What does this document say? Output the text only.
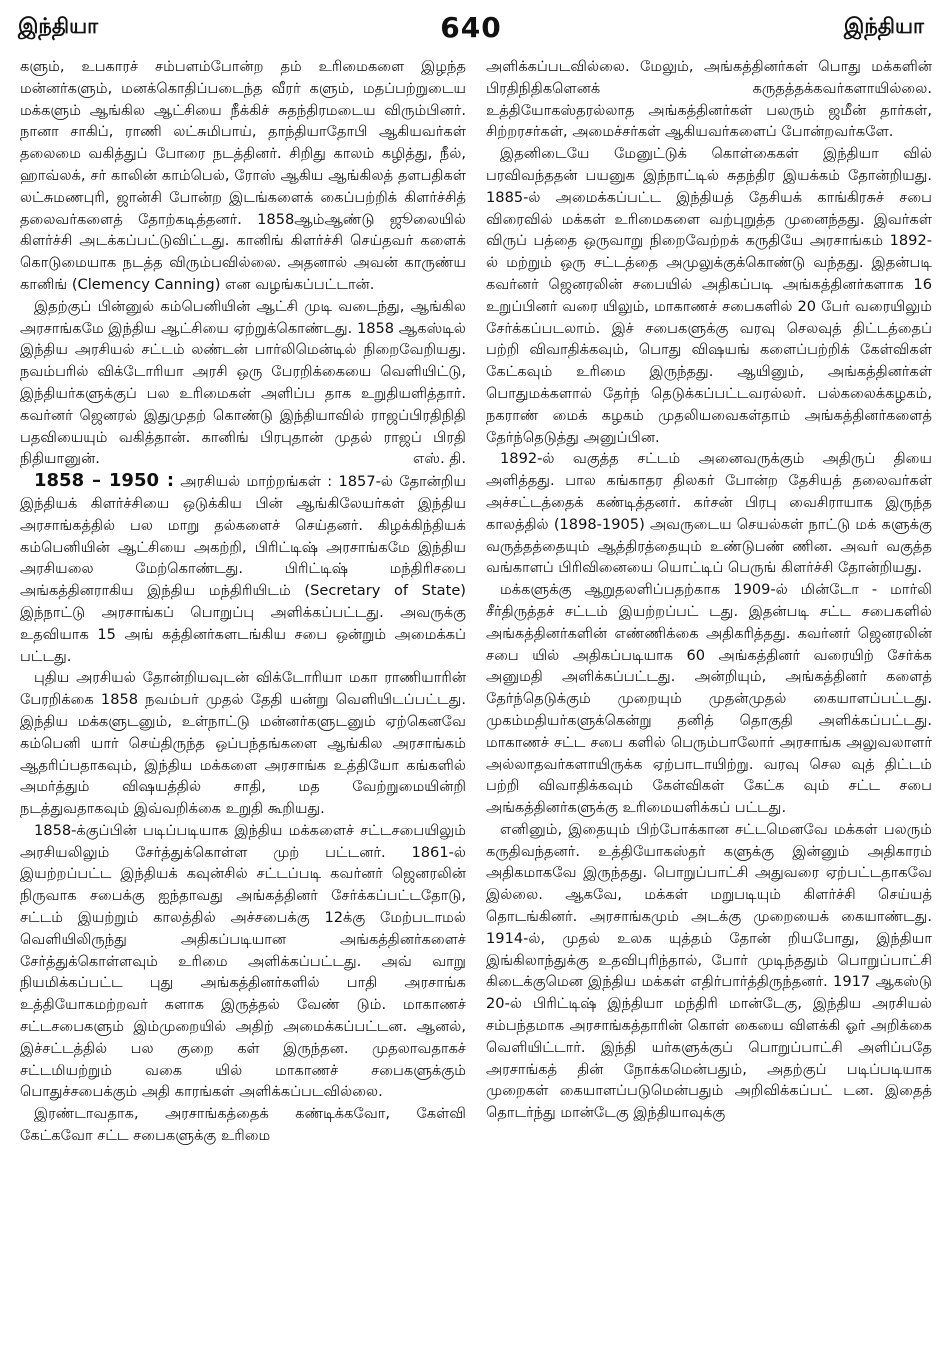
இந்தியா	640	இந்தியா

களும், உபகாரச் சம்பளம்போன்ற தம் உரிமைகளை இழந்த மன்னர்களும், மனக்கொதிப்படைந்த வீரர் களும், மதப்பற்றுடைய மக்களும் ஆங்கில ஆட்சியை நீக்கிச் சுதந்திரமடைய விரும்பினர். நானா சாகிப், ராணி லட்சுமிபாய், தாந்தியாதோபி ஆகியவர்கள் தலைமை வகித்துப் போரை நடத்தினர். சிறிது காலம் கழித்து, நீல், ஹாவ்லக், சர் காலின் காம்பெல், ரோஸ் ஆகிய ஆங்கிலத் தளபதிகள் லட்சுமணபுரி, ஜான்சி போன்ற இடங்களைக் கைப்பற்றிக் கிளர்ச்சித் தலைவர்களைத் தோற்கடித்தனர். 1858ஆம்ஆண்டு ஜூலையில் கிளர்ச்சி அடக்கப்பட்டுவிட்டது. கானிங் கிளர்ச்சி செய்தவர் களைக் கொடுமையாக நடத்த விரும்பவில்லை. அதனால் அவன் காருண்ய கானிங் (Clemency Canning) என வழங்கப்பட்டான்.

இதற்குப் பின்னுல் கம்பெனியின் ஆட்சி முடி வடைந்து, ஆங்கில அரசாங்கமே இந்திய ஆட்சியை ஏற்றுக்கொண்டது. 1858 ஆகஸ்டில் இந்திய அரசியல் சட்டம் லண்டன் பார்லிமென்டில் நிறைவேறியது. நவம்பரில் விக்டோரியா அரசி ஒரு பேரறிக்கையை வெளியிட்டு, இந்தியர்களுக்குப் பல உரிமைகள் அளிப்ப தாக உறுதியளித்தார். கவர்னர் ஜெனரல் இதுமுதற் கொண்டு இந்தியாவில் ராஜப்பிரதிநிதி பதவியையும் வகித்தான். கானிங் பிரபுதான் முதல் ராஜப் பிரதி நிதியானுன்.	எஸ். தி.

1858 – 1950 : அரசியல் மாற்றங்கள் : 1857-ல் தோன்றிய இந்தியக் கிளர்ச்சியை ஒடுக்கிய பின் ஆங்கிலேயர்கள் இந்திய அரசாங்கத்தில் பல மாறு தல்களைச் செய்தனர். கிழக்கிந்தியக் கம்பெனியின் ஆட்சியை அகற்றி, பிரிட்டிஷ் அரசாங்கமே இந்திய அரசியலை மேற்கொண்டது. பிரிட்டிஷ் மந்திரிசபை அங்கத்தினராகிய இந்திய மந்திரியிடம் (Secretary of State) இந்நாட்டு அரசாங்கப் பொறுப்பு அளிக்கப்பட்டது. அவருக்கு உதவியாக 15 அங் கத்தினர்களடங்கிய சபை ஒன்றும் அமைக்கப் பட்டது.

புதிய அரசியல் தோன்றியவுடன் விக்டோரியா மகா ராணியாரின் பேரறிக்கை 1858 நவம்பர் முதல் தேதி யன்று வெளியிடப்பட்டது. இந்திய மக்களுடனும், உள்நாட்டு மன்னர்களுடனும் ஏற்கெனவே கம்பெனி யார் செய்திருந்த ஒப்பந்தங்களை ஆங்கில அரசாங்கம் ஆதரிப்பதாகவும், இந்திய மக்களை அரசாங்க உத்தியோ கங்களில் அமர்த்தும் விஷயத்தில் சாதி, மத வேற்றுமையின்றி நடத்துவதாகவும் இவ்வறிக்கை உறுதி கூறியது.

1858-க்குப்பின் படிப்படியாக இந்திய மக்களைச் சட்டசபையிலும் அரசியலிலும் சேர்த்துக்கொள்ள முற் பட்டனர். 1861-ல் இயற்றப்பட்ட இந்தியக் கவுன்சில் சட்டப்படி கவர்னர் ஜெனரலின் நிருவாக சபைக்கு ஐந்தாவது அங்கத்தினர் சேர்க்கப்பட்டதோடு, சட்டம் இயற்றும் காலத்தில் அச்சபைக்கு 12க்கு மேற்படாமல் வெளியிலிருந்து அதிகப்படியான அங்கத்தினர்களைச் சேர்த்துக்கொள்ளவும் உரிமை அளிக்கப்பட்டது. அவ் வாறு நியமிக்கப்பட்ட புது அங்கத்தினர்களில் பாதி அரசாங்க உத்தியோகமற்றவர் களாக இருத்தல் வேண் டும். மாகாணச் சட்டசபைகளும் இம்முறையில் அதிற் அமைக்கப்பட்டன. ஆனல், இச்சட்டத்தில் பல குறை கள் இருந்தன. முதலாவதாகச் சட்டமியற்றும் வகை யில் மாகாணச் சபைகளுக்கும் பொதுச்சபைக்கும் அதி காரங்கள் அளிக்கப்படவில்லை.

இரண்டாவதாக, அரசாங்கத்தைக் கண்டிக்கவோ, கேள்வி கேட்கவோ சட்ட சபைகளுக்கு உரிமை

அளிக்கப்படவில்லை. மேலும், அங்கத்தினர்கள் பொது மக்களின் பிரதிநிதிகளெனக் கருதத்தக்கவர்களாயில்லை. உத்தியோகஸ்தரல்லாத அங்கத்தினர்கள் பலரும் ஜமீன் தார்கள், சிற்றரசர்கள், அமைச்சர்கள் ஆகியவர்களைப் போன்றவர்களே.

இதனிடையே மேனுட்டுக் கொள்கைகள் இந்தியா வில் பரவிவந்ததன் பயனுக இந்நாட்டில் சுதந்திர இயக்கம் தோன்றியது. 1885-ல் அமைக்கப்பட்ட இந்தியத் தேசியக் காங்கிரசுச் சபை விரைவில் மக்கள் உரிமைகளை வற்புறுத்த முனைந்தது. இவர்கள் விருப் பத்தை ஒருவாறு நிறைவேற்றக் கருதியே அரசாங்கம் 1892-ல் மற்றும் ஒரு சட்டத்தை அமுலுக்குக்கொண்டு வந்தது. இதன்படி கவர்னர் ஜெனரலின் சபையில் அதிகப்படி அங்கத்தினர்களாக 16 உறுப்பினர் வரை யிலும், மாகாணச் சபைகளில் 20 பேர் வரையிலும் சேர்க்கப்படலாம். இச் சபைகளுக்கு வரவு செலவுத் திட்டத்தைப் பற்றி விவாதிக்கவும், பொது விஷயங் களைப்பற்றிக் கேள்விகள் கேட்கவும் உரிமை இருந்தது. ஆயினும், அங்கத்தினர்கள் பொதுமக்களால் தேர்ந் தெடுக்கப்பட்டவரல்லர். பல்கலைக்கழகம், நகராண் மைக் கழகம் முதலியவைகள்தாம் அங்கத்தினர்களைத் தேர்ந்தெடுத்து அனுப்பின.

1892-ல் வகுத்த சட்டம் அனைவருக்கும் அதிருப் தியை அளித்தது. பால கங்காதர திலகர் போன்ற தேசியத் தலைவர்கள் அச்சட்டத்தைக் கண்டித்தனர். கர்சன் பிரபு வைசிராயாக இருந்த காலத்தில் (1898-1905) அவருடைய செயல்கள் நாட்டு மக் களுக்கு வருத்தத்தையும் ஆத்திரத்தையும் உண்டுபண் ணின. அவர் வகுத்த வங்காளப் பிரிவினையை யொட்டிப் பெருங் கிளர்ச்சி தோன்றியது.

மக்களுக்கு ஆறுதலளிப்பதற்காக 1909-ல் மின்டோ - மார்லி சீர்திருத்தச் சட்டம் இயற்றப்பட் டது. இதன்படி சட்ட சபைகளில் அங்கத்தினர்களின் எண்ணிக்கை அதிகரித்தது. கவர்னர் ஜெனரலின் சபை யில் அதிகப்படியாக 60 அங்கத்தினர் வரையிற் சேர்க்க அனுமதி அளிக்கப்பட்டது. அன்றியும், அங்கத்தினர் களைத் தேர்ந்தெடுக்கும் முறையும் முதன்முதல் கையாளப்பட்டது. முகம்மதியர்களுக்கென்று தனித் தொகுதி அளிக்கப்பட்டது. மாகாணச் சட்ட சபை களில் பெரும்பாலோர் அரசாங்க அலுவலாளர் அல்லாதவர்களாயிருக்க ஏற்பாடாயிற்று. வரவு செல வுத் திட்டம் பற்றி விவாதிக்கவும் கேள்விகள் கேட்க வும் சட்ட சபை அங்கத்தினர்களுக்கு உரிமையளிக்கப் பட்டது.

எனினும், இதையும் பிற்போக்கான சட்டமெனவே மக்கள் பலரும் கருதிவந்தனர். உத்தியோகஸ்தர் களுக்கு இன்னும் அதிகாரம் அதிகமாகவே இருந்தது. பொறுப்பாட்சி அதுவரை ஏற்பட்டதாகவே இல்லை. ஆகவே, மக்கள் மறுபடியும் கிளர்ச்சி செய்யத் தொடங்கினர். அரசாங்கமும் அடக்கு முறையைக் கையாண்டது. 1914-ல், முதல் உலக யுத்தம் தோன் றியபோது, இந்தியா இங்கிலாந்துக்கு உதவிபுரிந்தால், போர் முடிந்ததும் பொறுப்பாட்சி கிடைக்குமென இந்திய மக்கள் எதிர்பார்த்திருந்தனர். 1917 ஆகஸ்டு 20-ல் பிரிட்டிஷ் இந்தியா மந்திரி மான்டேகு, இந்திய அரசியல் சம்பந்தமாக அரசாங்கத்தாரின் கொள் கையை விளக்கி ஓர் அறிக்கை வெளியிட்டார். இந்தி யர்களுக்குப் பொறுப்பாட்சி அளிப்பதே அரசாங்கத் தின் நோக்கமென்பதும், அதற்குப் படிப்படியாக முறைகள் கையாளப்படுமென்பதும் அறிவிக்கப்பட் டன. இதைத் தொடர்ந்து மான்டேகு இந்தியாவுக்கு
